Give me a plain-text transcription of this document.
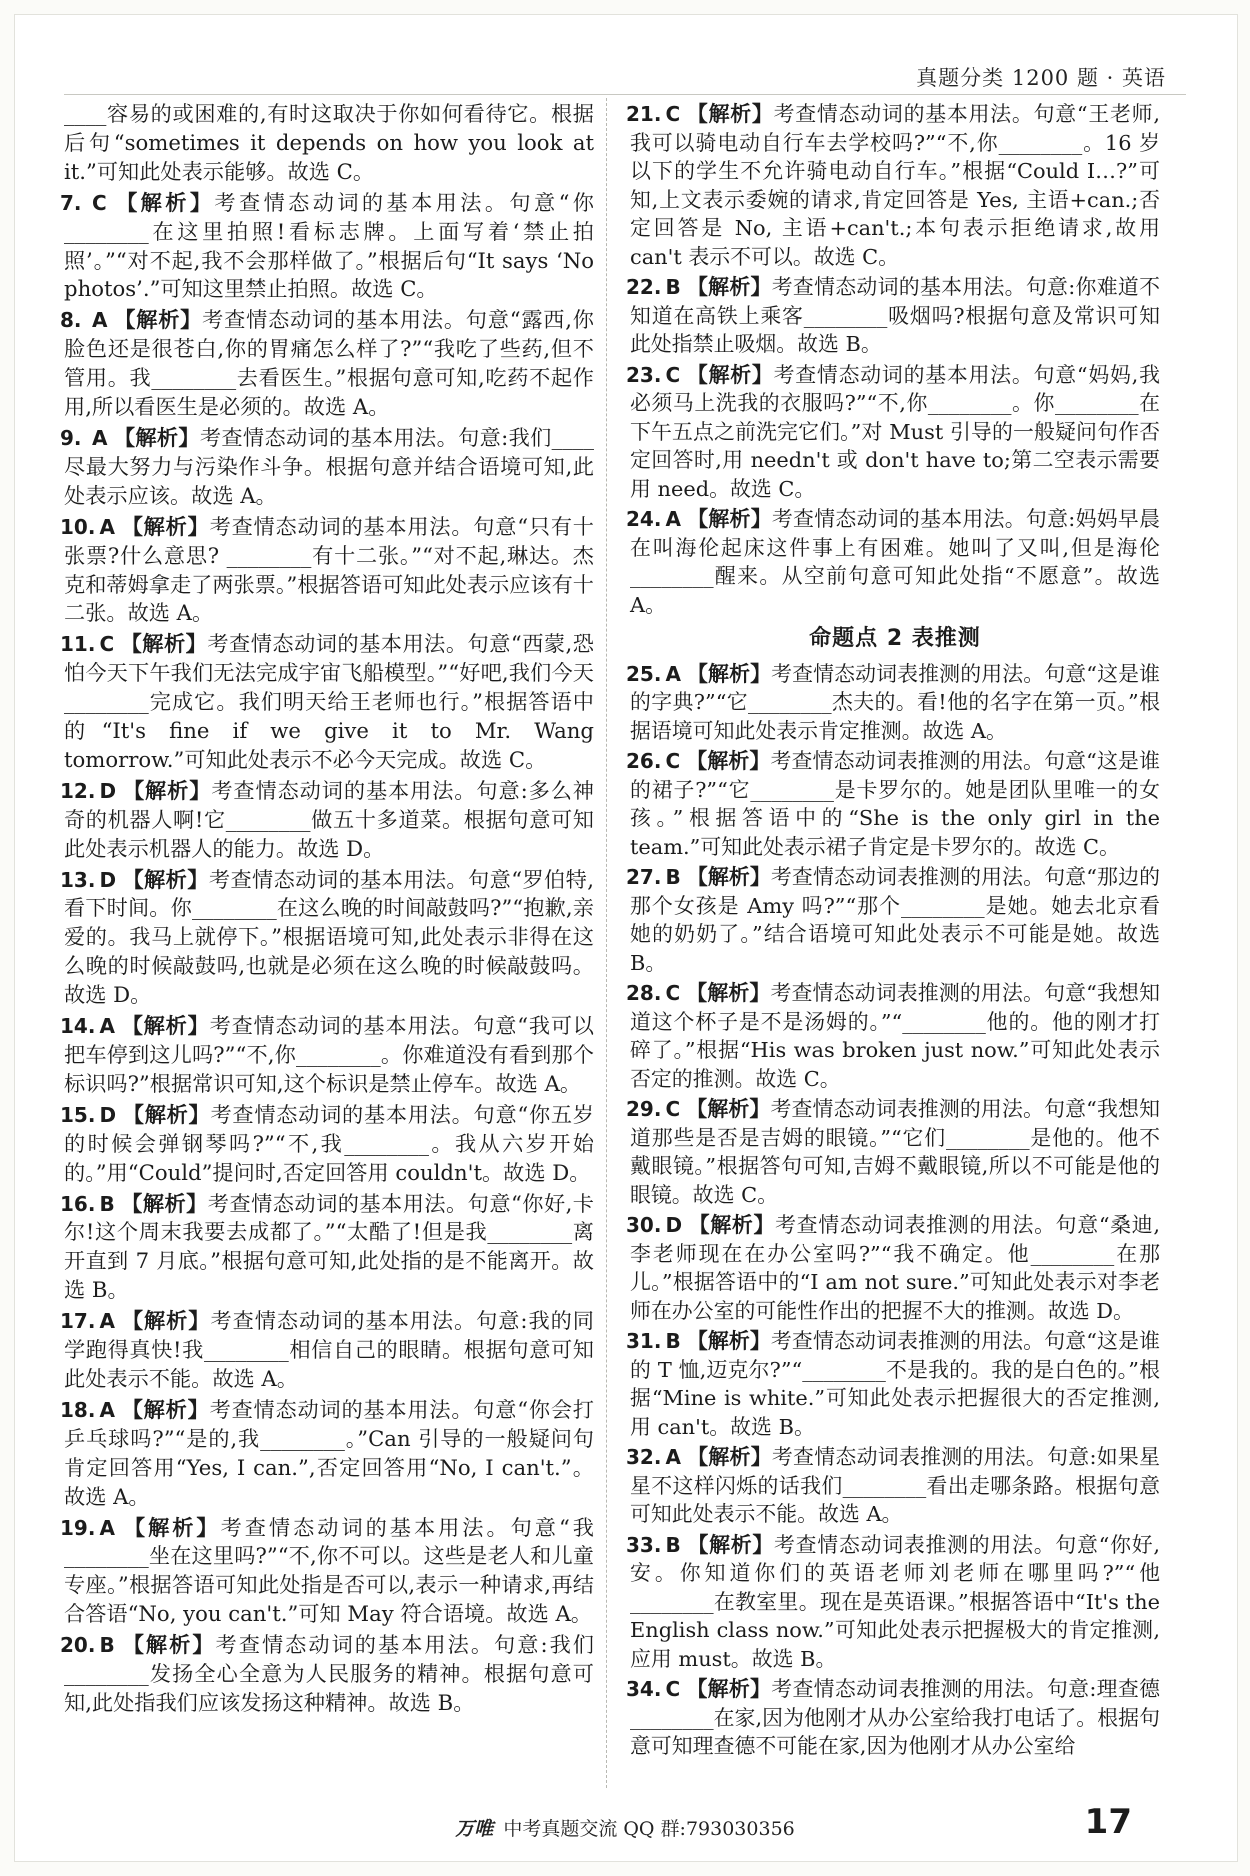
真题分类 1200 题 · 英语
____容易的或困难的,有时这取决于你如何看待它。根据后句“sometimes it depends on how you look at it.”可知此处表示能够。故选 C。
7. C 【解析】考查情态动词的基本用法。句意“你________在这里拍照!看标志牌。上面写着‘禁止拍照’。”“对不起,我不会那样做了。”根据后句“It says ‘No photos’.”可知这里禁止拍照。故选 C。
8. A 【解析】考查情态动词的基本用法。句意“露西,你脸色还是很苍白,你的胃痛怎么样了?”“我吃了些药,但不管用。我________去看医生。”根据句意可知,吃药不起作用,所以看医生是必须的。故选 A。
9. A 【解析】考查情态动词的基本用法。句意:我们____尽最大努力与污染作斗争。根据句意并结合语境可知,此处表示应该。故选 A。
10. A 【解析】考查情态动词的基本用法。句意“只有十张票?什么意思? ________有十二张。”“对不起,琳达。杰克和蒂姆拿走了两张票。”根据答语可知此处表示应该有十二张。故选 A。
11. C 【解析】考查情态动词的基本用法。句意“西蒙,恐怕今天下午我们无法完成宇宙飞船模型。”“好吧,我们今天________完成它。我们明天给王老师也行。”根据答语中的“It's fine if we give it to Mr. Wang tomorrow.”可知此处表示不必今天完成。故选 C。
12. D 【解析】考查情态动词的基本用法。句意:多么神奇的机器人啊!它________做五十多道菜。根据句意可知此处表示机器人的能力。故选 D。
13. D 【解析】考查情态动词的基本用法。句意“罗伯特,看下时间。你________在这么晚的时间敲鼓吗?”“抱歉,亲爱的。我马上就停下。”根据语境可知,此处表示非得在这么晚的时候敲鼓吗,也就是必须在这么晚的时候敲鼓吗。故选 D。
14. A 【解析】考查情态动词的基本用法。句意“我可以把车停到这儿吗?”“不,你________。你难道没有看到那个标识吗?”根据常识可知,这个标识是禁止停车。故选 A。
15. D 【解析】考查情态动词的基本用法。句意“你五岁的时候会弹钢琴吗?”“不,我________。我从六岁开始的。”用“Could”提问时,否定回答用 couldn't。故选 D。
16. B 【解析】考查情态动词的基本用法。句意“你好,卡尔!这个周末我要去成都了。”“太酷了!但是我________离开直到 7 月底。”根据句意可知,此处指的是不能离开。故选 B。
17. A 【解析】考查情态动词的基本用法。句意:我的同学跑得真快!我________相信自己的眼睛。根据句意可知此处表示不能。故选 A。
18. A 【解析】考查情态动词的基本用法。句意“你会打乒乓球吗?”“是的,我________。”Can 引导的一般疑问句肯定回答用“Yes, I can.”,否定回答用“No, I can't.”。故选 A。
19. A 【解析】考查情态动词的基本用法。句意“我________坐在这里吗?”“不,你不可以。这些是老人和儿童专座。”根据答语可知此处指是否可以,表示一种请求,再结合答语“No, you can't.”可知 May 符合语境。故选 A。
20. B 【解析】考查情态动词的基本用法。句意:我们________发扬全心全意为人民服务的精神。根据句意可知,此处指我们应该发扬这种精神。故选 B。
21. C 【解析】考查情态动词的基本用法。句意“王老师,我可以骑电动自行车去学校吗?”“不,你________。16 岁以下的学生不允许骑电动自行车。”根据“Could I…?”可知,上文表示委婉的请求,肯定回答是 Yes, 主语+can.;否定回答是 No, 主语+can't.;本句表示拒绝请求,故用 can't 表示不可以。故选 C。
22. B 【解析】考查情态动词的基本用法。句意:你难道不知道在高铁上乘客________吸烟吗?根据句意及常识可知此处指禁止吸烟。故选 B。
23. C 【解析】考查情态动词的基本用法。句意“妈妈,我必须马上洗我的衣服吗?”“不,你________。你________在下午五点之前洗完它们。”对 Must 引导的一般疑问句作否定回答时,用 needn't 或 don't have to;第二空表示需要用 need。故选 C。
24. A 【解析】考查情态动词的基本用法。句意:妈妈早晨在叫海伦起床这件事上有困难。她叫了又叫,但是海伦________醒来。从空前句意可知此处指“不愿意”。故选 A。
命题点 2 表推测
25. A 【解析】考查情态动词表推测的用法。句意“这是谁的字典?”“它________杰夫的。看!他的名字在第一页。”根据语境可知此处表示肯定推测。故选 A。
26. C 【解析】考查情态动词表推测的用法。句意“这是谁的裙子?”“它________是卡罗尔的。她是团队里唯一的女孩。”根据答语中的“She is the only girl in the team.”可知此处表示裙子肯定是卡罗尔的。故选 C。
27. B 【解析】考查情态动词表推测的用法。句意“那边的那个女孩是 Amy 吗?”“那个________是她。她去北京看她的奶奶了。”结合语境可知此处表示不可能是她。故选 B。
28. C 【解析】考查情态动词表推测的用法。句意“我想知道这个杯子是不是汤姆的。”“________他的。他的刚才打碎了。”根据“His was broken just now.”可知此处表示否定的推测。故选 C。
29. C 【解析】考查情态动词表推测的用法。句意“我想知道那些是否是吉姆的眼镜。”“它们________是他的。他不戴眼镜。”根据答句可知,吉姆不戴眼镜,所以不可能是他的眼镜。故选 C。
30. D 【解析】考查情态动词表推测的用法。句意“桑迪,李老师现在在办公室吗?”“我不确定。他________在那儿。”根据答语中的“I am not sure.”可知此处表示对李老师在办公室的可能性作出的把握不大的推测。故选 D。
31. B 【解析】考查情态动词表推测的用法。句意“这是谁的 T 恤,迈克尔?”“________不是我的。我的是白色的。”根据“Mine is white.”可知此处表示把握很大的否定推测,用 can't。故选 B。
32. A 【解析】考查情态动词表推测的用法。句意:如果星星不这样闪烁的话我们________看出走哪条路。根据句意可知此处表示不能。故选 A。
33. B 【解析】考查情态动词表推测的用法。句意“你好,安。你知道你们的英语老师刘老师在哪里吗?”“他________在教室里。现在是英语课。”根据答语中“It's the English class now.”可知此处表示把握极大的肯定推测,应用 must。故选 B。
34. C 【解析】考查情态动词表推测的用法。句意:理查德________在家,因为他刚才从办公室给我打电话了。根据句意可知理查德不可能在家,因为他刚才从办公室给
万唯 中考真题交流 QQ 群:793030356	17
